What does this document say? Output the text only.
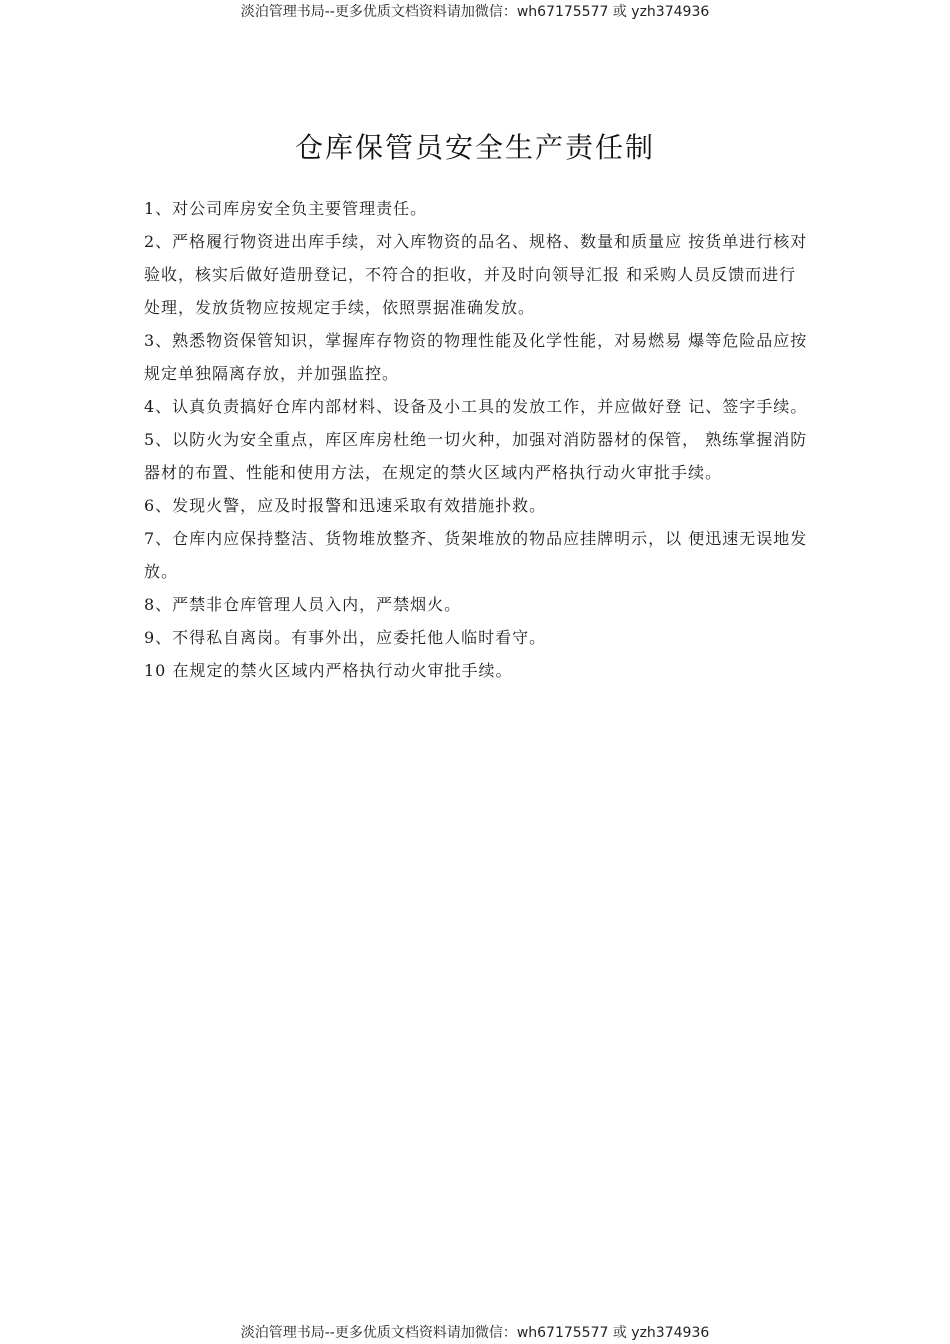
淡泊管理书局--更多优质文档资料请加微信：wh67175577 或 yzh374936
仓库保管员安全生产责任制

1、对公司库房安全负主要管理责任。

2、严格履行物资进出库手续，对入库物资的品名、规格、数量和质量应 按货单进行核对验收，核实后做好造册登记，不符合的拒收，并及时向领导汇报 和采购人员反馈而进行处理，发放货物应按规定手续，依照票据准确发放。

3、熟悉物资保管知识，掌握库存物资的物理性能及化学性能，对易燃易 爆等危险品应按规定单独隔离存放，并加强监控。

4、认真负责搞好仓库内部材料、设备及小工具的发放工作，并应做好登 记、签字手续。

5、以防火为安全重点，库区库房杜绝一切火种，加强对消防器材的保管， 熟练掌握消防器材的布置、性能和使用方法，在规定的禁火区域内严格执行动火审批手续。

6、发现火警，应及时报警和迅速采取有效措施扑救。

7、仓库内应保持整洁、货物堆放整齐、货架堆放的物品应挂牌明示，以 便迅速无误地发放。

8、严禁非仓库管理人员入内，严禁烟火。

9、不得私自离岗。有事外出，应委托他人临时看守。

10 在规定的禁火区域内严格执行动火审批手续。

淡泊管理书局--更多优质文档资料请加微信：wh67175577 或 yzh374936
